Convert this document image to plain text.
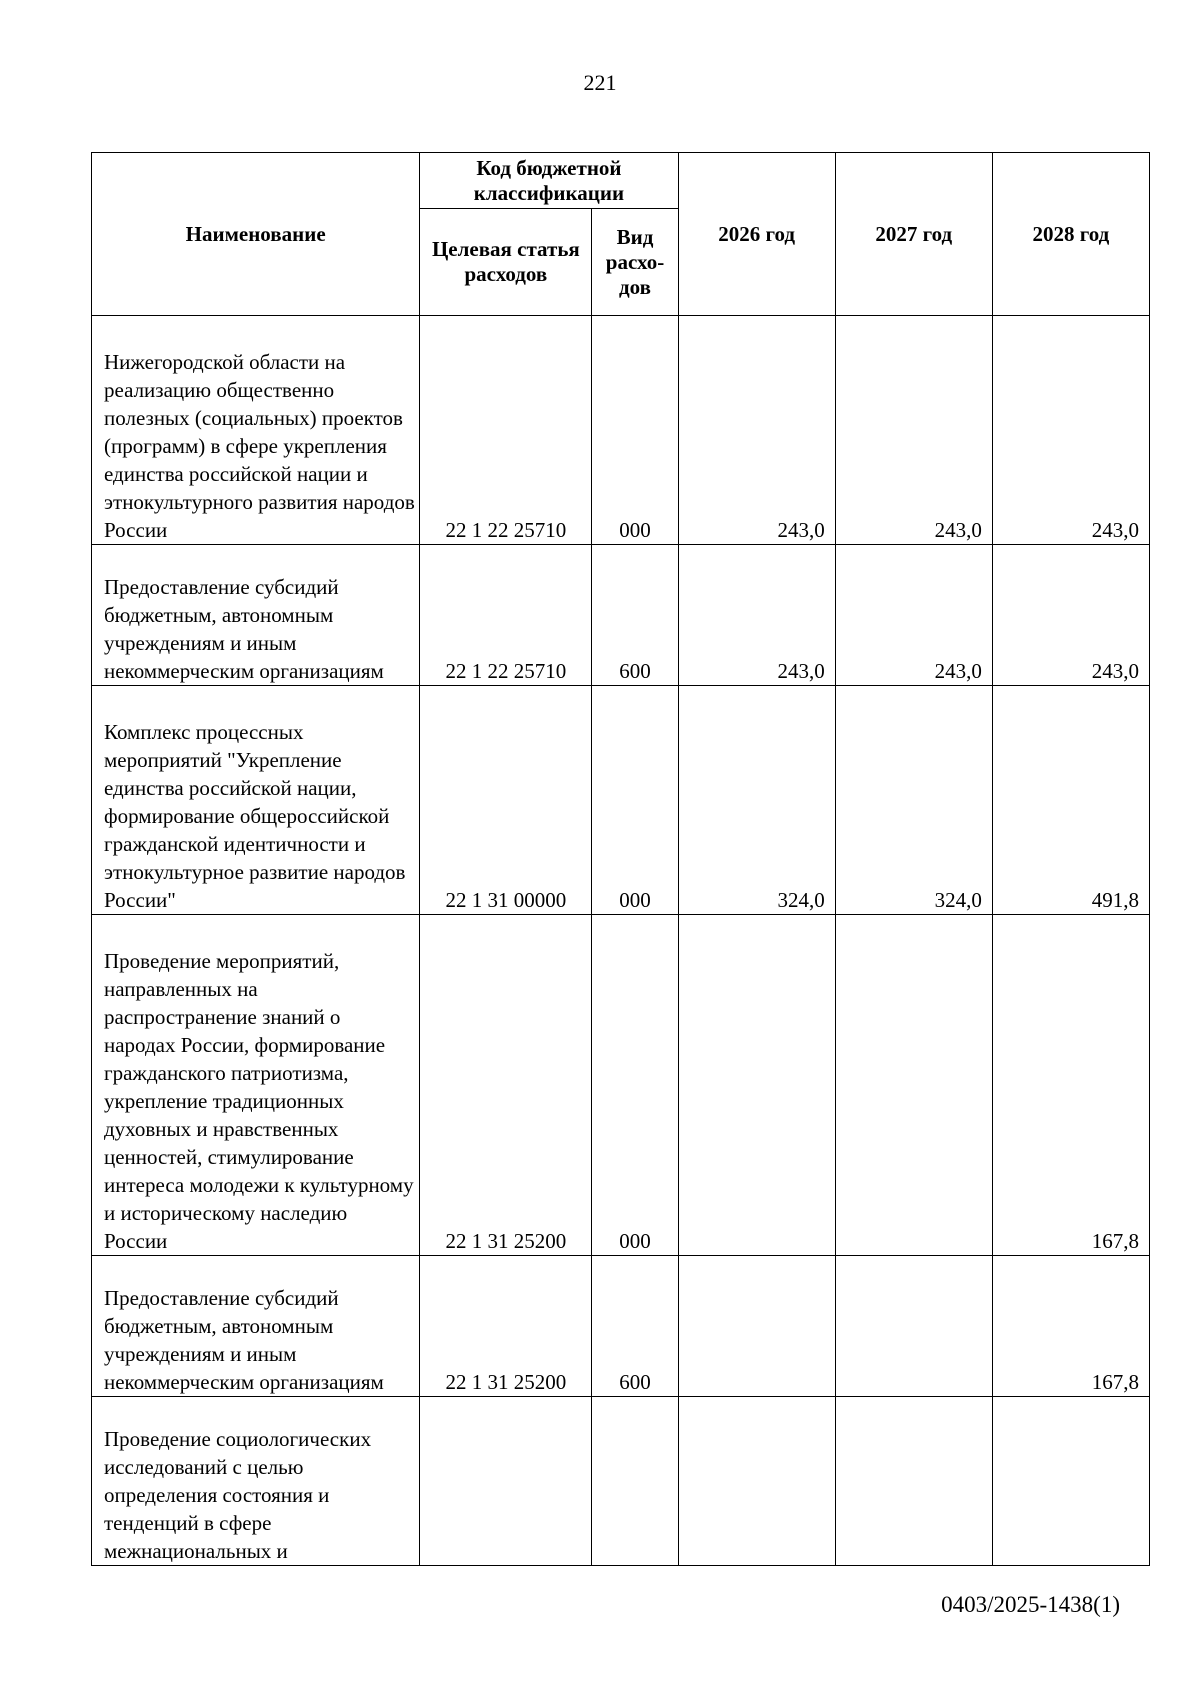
221
Наименование	Код бюджетной классификации		2026 год	2027 год	2028 год
	Целевая статья расходов	Вид расхо-дов			
Нижегородской области на реализацию общественно полезных (социальных) проектов (программ) в сфере укрепления единства российской нации и этнокультурного развития народов России	22 1 22 25710	000	243,0	243,0	243,0
Предоставление субсидий бюджетным, автономным учреждениям и иным некоммерческим организациям	22 1 22 25710	600	243,0	243,0	243,0
Комплекс процессных мероприятий "Укрепление единства российской нации, формирование общероссийской гражданской идентичности и этнокультурное развитие народов России"	22 1 31 00000	000	324,0	324,0	491,8
Проведение мероприятий, направленных на распространение знаний о народах России, формирование гражданского патриотизма, укрепление традиционных духовных и нравственных ценностей, стимулирование интереса молодежи к культурному и историческому наследию России	22 1 31 25200	000			167,8
Предоставление субсидий бюджетным, автономным учреждениям и иным некоммерческим организациям	22 1 31 25200	600			167,8
Проведение социологических исследований с целью определения состояния и тенденций в сфере межнациональных и					
0403/2025-1438(1)
